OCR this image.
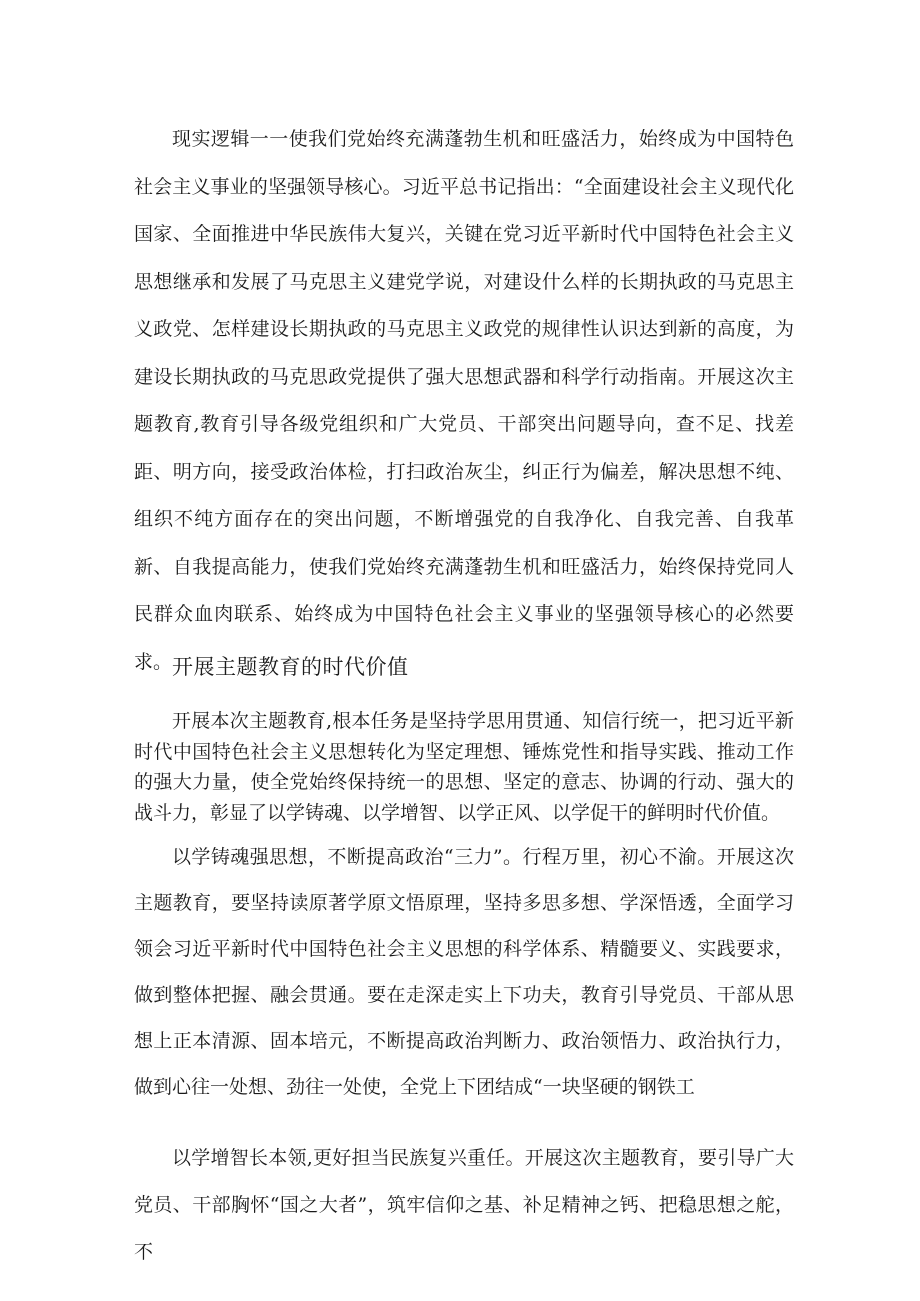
现实逻辑一一使我们党始终充满蓬勃生机和旺盛活力，始终成为中国特色社会主义事业的坚强领导核心。习近平总书记指出：“全面建设社会主义现代化国家、全面推进中华民族伟大复兴，关键在党习近平新时代中国特色社会主义思想继承和发展了马克思主义建党学说，对建设什么样的长期执政的马克思主义政党、怎样建设长期执政的马克思主义政党的规律性认识达到新的高度，为建设长期执政的马克思政党提供了强大思想武器和科学行动指南。开展这次主题教育,教育引导各级党组织和广大党员、干部突出问题导向，查不足、找差距、明方向，接受政治体检，打扫政治灰尘，纠正行为偏差，解决思想不纯、组织不纯方面存在的突出问题，不断增强党的自我净化、自我完善、自我革新、自我提高能力，使我们党始终充满蓬勃生机和旺盛活力，始终保持党同人民群众血肉联系、始终成为中国特色社会主义事业的坚强领导核心的必然要求。 开展主题教育的时代价值

开展本次主题教育,根本任务是坚持学思用贯通、知信行统一，把习近平新时代中国特色社会主义思想转化为坚定理想、锤炼党性和指导实践、推动工作的强大力量，使全党始终保持统一的思想、坚定的意志、协调的行动、强大的战斗力，彰显了以学铸魂、以学增智、以学正风、以学促干的鲜明时代价值。

以学铸魂强思想，不断提高政治“三力”。行程万里，初心不渝。开展这次主题教育，要坚持读原著学原文悟原理，坚持多思多想、学深悟透，全面学习领会习近平新时代中国特色社会主义思想的科学体系、精髓要义、实践要求，做到整体把握、融会贯通。要在走深走实上下功夫，教育引导党员、干部从思想上正本清源、固本培元，不断提高政治判断力、政治领悟力、政治执行力，做到心往一处想、劲往一处使，全党上下团结成“一块坚硬的钢铁工

以学增智长本领,更好担当民族复兴重任。开展这次主题教育，要引导广大党员、干部胸怀“国之大者”，筑牢信仰之基、补足精神之钙、把稳思想之舵，不
